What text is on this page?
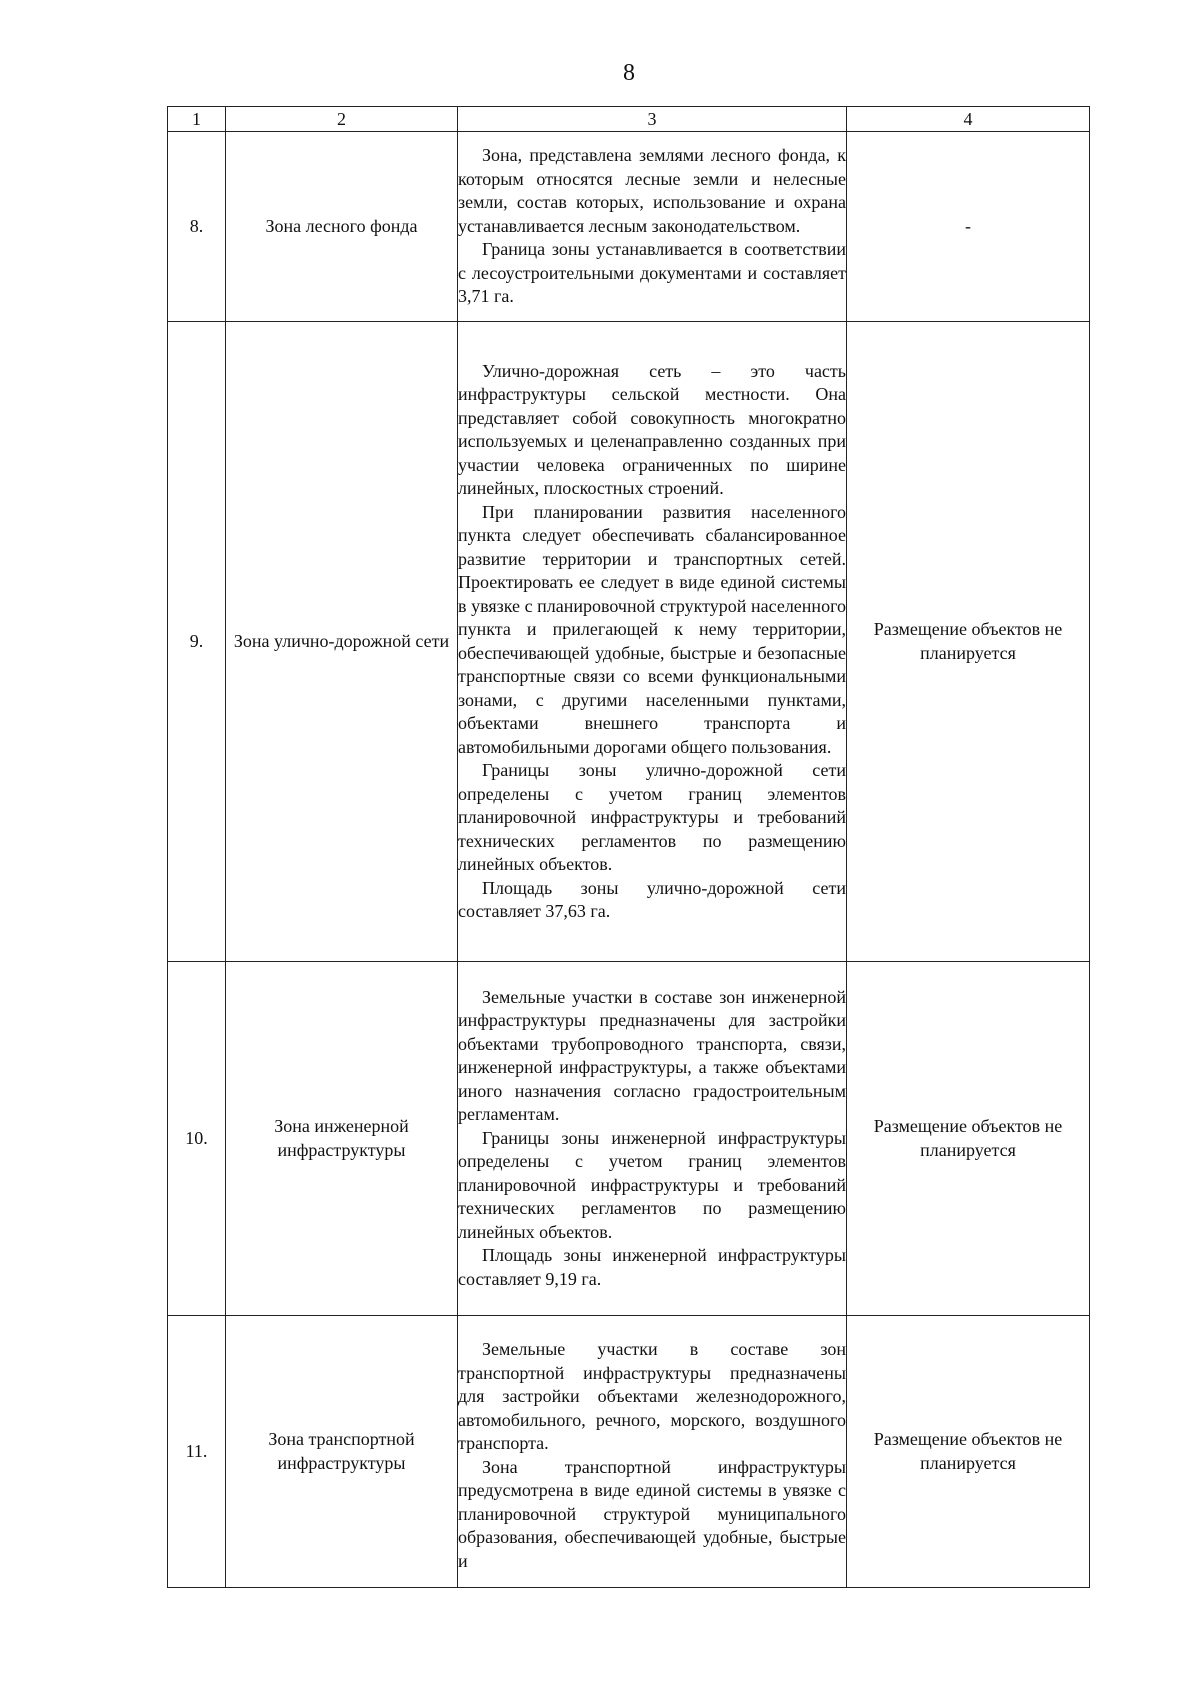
8
1	2	3	4
8.	Зона лесного фонда	Зона, представлена землями лесного фонда, к которым относятся лесные земли и нелесные земли, состав которых, использование и охрана устанавливается лесным законодательством.

Граница зоны устанавливается в соответствии с лесоустроительными документами и составляет 3,71 га.	-
9.	Зона улично-дорожной сети	Улично-дорожная сеть – это часть инфраструктуры сельской местности. Она представляет собой совокупность многократно используемых и целенаправленно созданных при участии человека ограниченных по ширине линейных, плоскостных строений.

При планировании развития населенного пункта следует обеспечивать сбалансированное развитие территории и транспортных сетей. Проектировать ее следует в виде единой системы в увязке с планировочной структурой населенного пункта и прилегающей к нему территории, обеспечивающей удобные, быстрые и безопасные транспортные связи со всеми функциональными зонами, с другими населенными пунктами, объектами внешнего транспорта и автомобильными дорогами общего пользования.

Границы зоны улично-дорожной сети определены с учетом границ элементов планировочной инфраструктуры и требований технических регламентов по размещению линейных объектов.

Площадь зоны улично-дорожной сети составляет 37,63 га.	Размещение объектов не планируется
10.	Зона инженерной инфраструктуры	Земельные участки в составе зон инженерной инфраструктуры предназначены для застройки объектами трубопроводного транспорта, связи, инженерной инфраструктуры, а также объектами иного назначения согласно градостроительным регламентам.

Границы зоны инженерной инфраструктуры определены с учетом границ элементов планировочной инфраструктуры и требований технических регламентов по размещению линейных объектов.

Площадь зоны инженерной инфраструктуры составляет 9,19 га.	Размещение объектов не планируется
11.	Зона транспортной инфраструктуры	Земельные участки в составе зон транспортной инфраструктуры предназначены для застройки объектами железнодорожного, автомобильного, речного, морского, воздушного транспорта.

Зона транспортной инфраструктуры предусмотрена в виде единой системы в увязке с планировочной структурой муниципального образования, обеспечивающей удобные, быстрые и	Размещение объектов не планируется
